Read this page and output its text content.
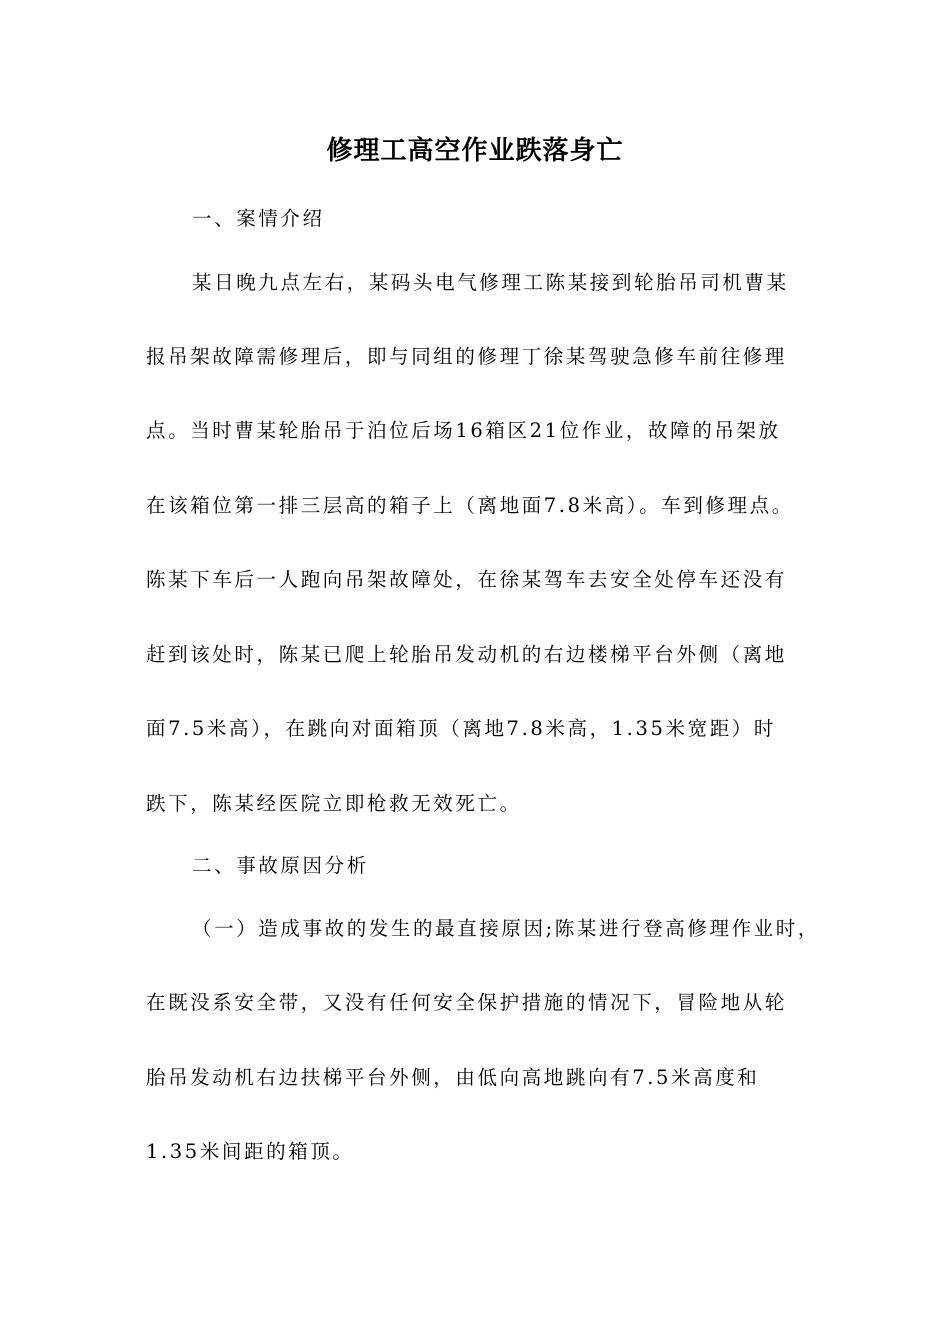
修理工高空作业跌落身亡
一、案情介绍
某日晚九点左右，某码头电气修理工陈某接到轮胎吊司机曹某
报吊架故障需修理后，即与同组的修理丁徐某驾驶急修车前往修理
点。当时曹某轮胎吊于泊位后场16箱区21位作业，故障的吊架放
在该箱位第一排三层高的箱子上（离地面7.8米高）。车到修理点。
陈某下车后一人跑向吊架故障处，在徐某驾车去安全处停车还没有
赶到该处时，陈某已爬上轮胎吊发动机的右边楼梯平台外侧（离地
面7.5米高），在跳向对面箱顶（离地7.8米高，1.35米宽距）时
跌下，陈某经医院立即枪救无效死亡。
二、事故原因分析
（一）造成事故的发生的最直接原因;陈某进行登高修理作业时，
在既没系安全带，又没有任何安全保护措施的情况下，冒险地从轮
胎吊发动机右边扶梯平台外侧，由低向高地跳向有7.5米高度和
1.35米间距的箱顶。
